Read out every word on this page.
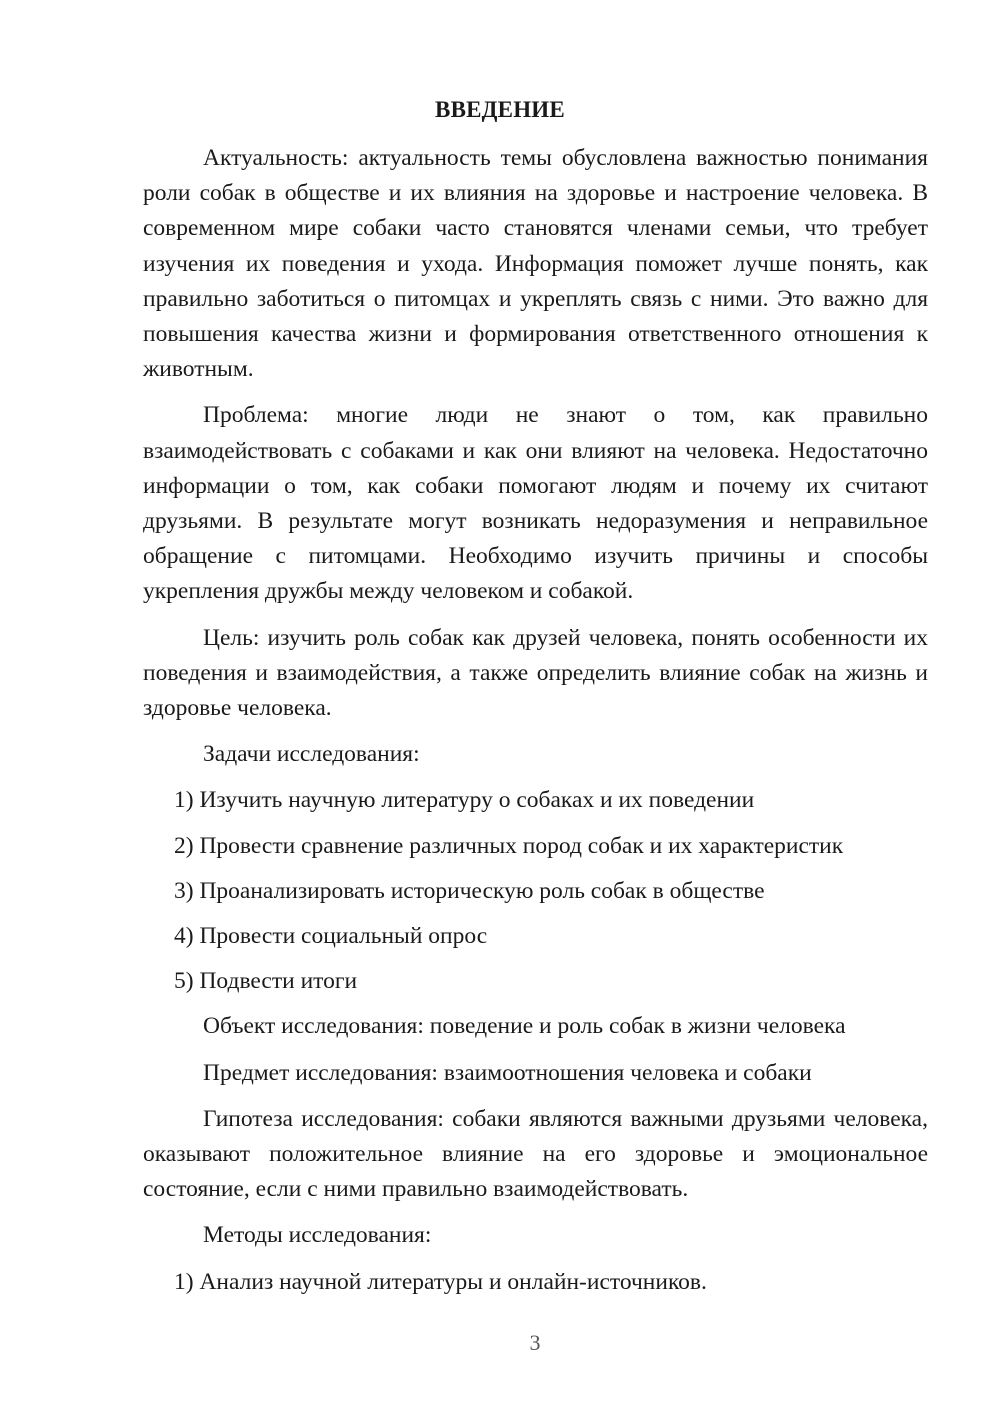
ВВЕДЕНИЕ

Актуальность: актуальность темы обусловлена важностью понимания роли собак в обществе и их влияния на здоровье и настроение человека. В современном мире собаки часто становятся членами семьи, что требует изучения их поведения и ухода. Информация поможет лучше понять, как правильно заботиться о питомцах и укреплять связь с ними. Это важно для повышения качества жизни и формирования ответственного отношения к животным.

Проблема: многие люди не знают о том, как правильно взаимодействовать с собаками и как они влияют на человека. Недостаточно информации о том, как собаки помогают людям и почему их считают друзьями. В результате могут возникать недоразумения и неправильное обращение с питомцами. Необходимо изучить причины и способы укрепления дружбы между человеком и собакой.

Цель: изучить роль собак как друзей человека, понять особенности их поведения и взаимодействия, а также определить влияние собак на жизнь и здоровье человека.

Задачи исследования:

1) Изучить научную литературу о собаках и их поведении
2) Провести сравнение различных пород собак и их характеристик
3) Проанализировать историческую роль собак в обществе
4) Провести социальный опрос
5) Подвести итоги

Объект исследования: поведение и роль собак в жизни человека

Предмет исследования: взаимоотношения человека и собаки

Гипотеза исследования: собаки являются важными друзьями человека, оказывают положительное влияние на его здоровье и эмоциональное состояние, если с ними правильно взаимодействовать.

Методы исследования:

1) Анализ научной литературы и онлайн-источников.
3
